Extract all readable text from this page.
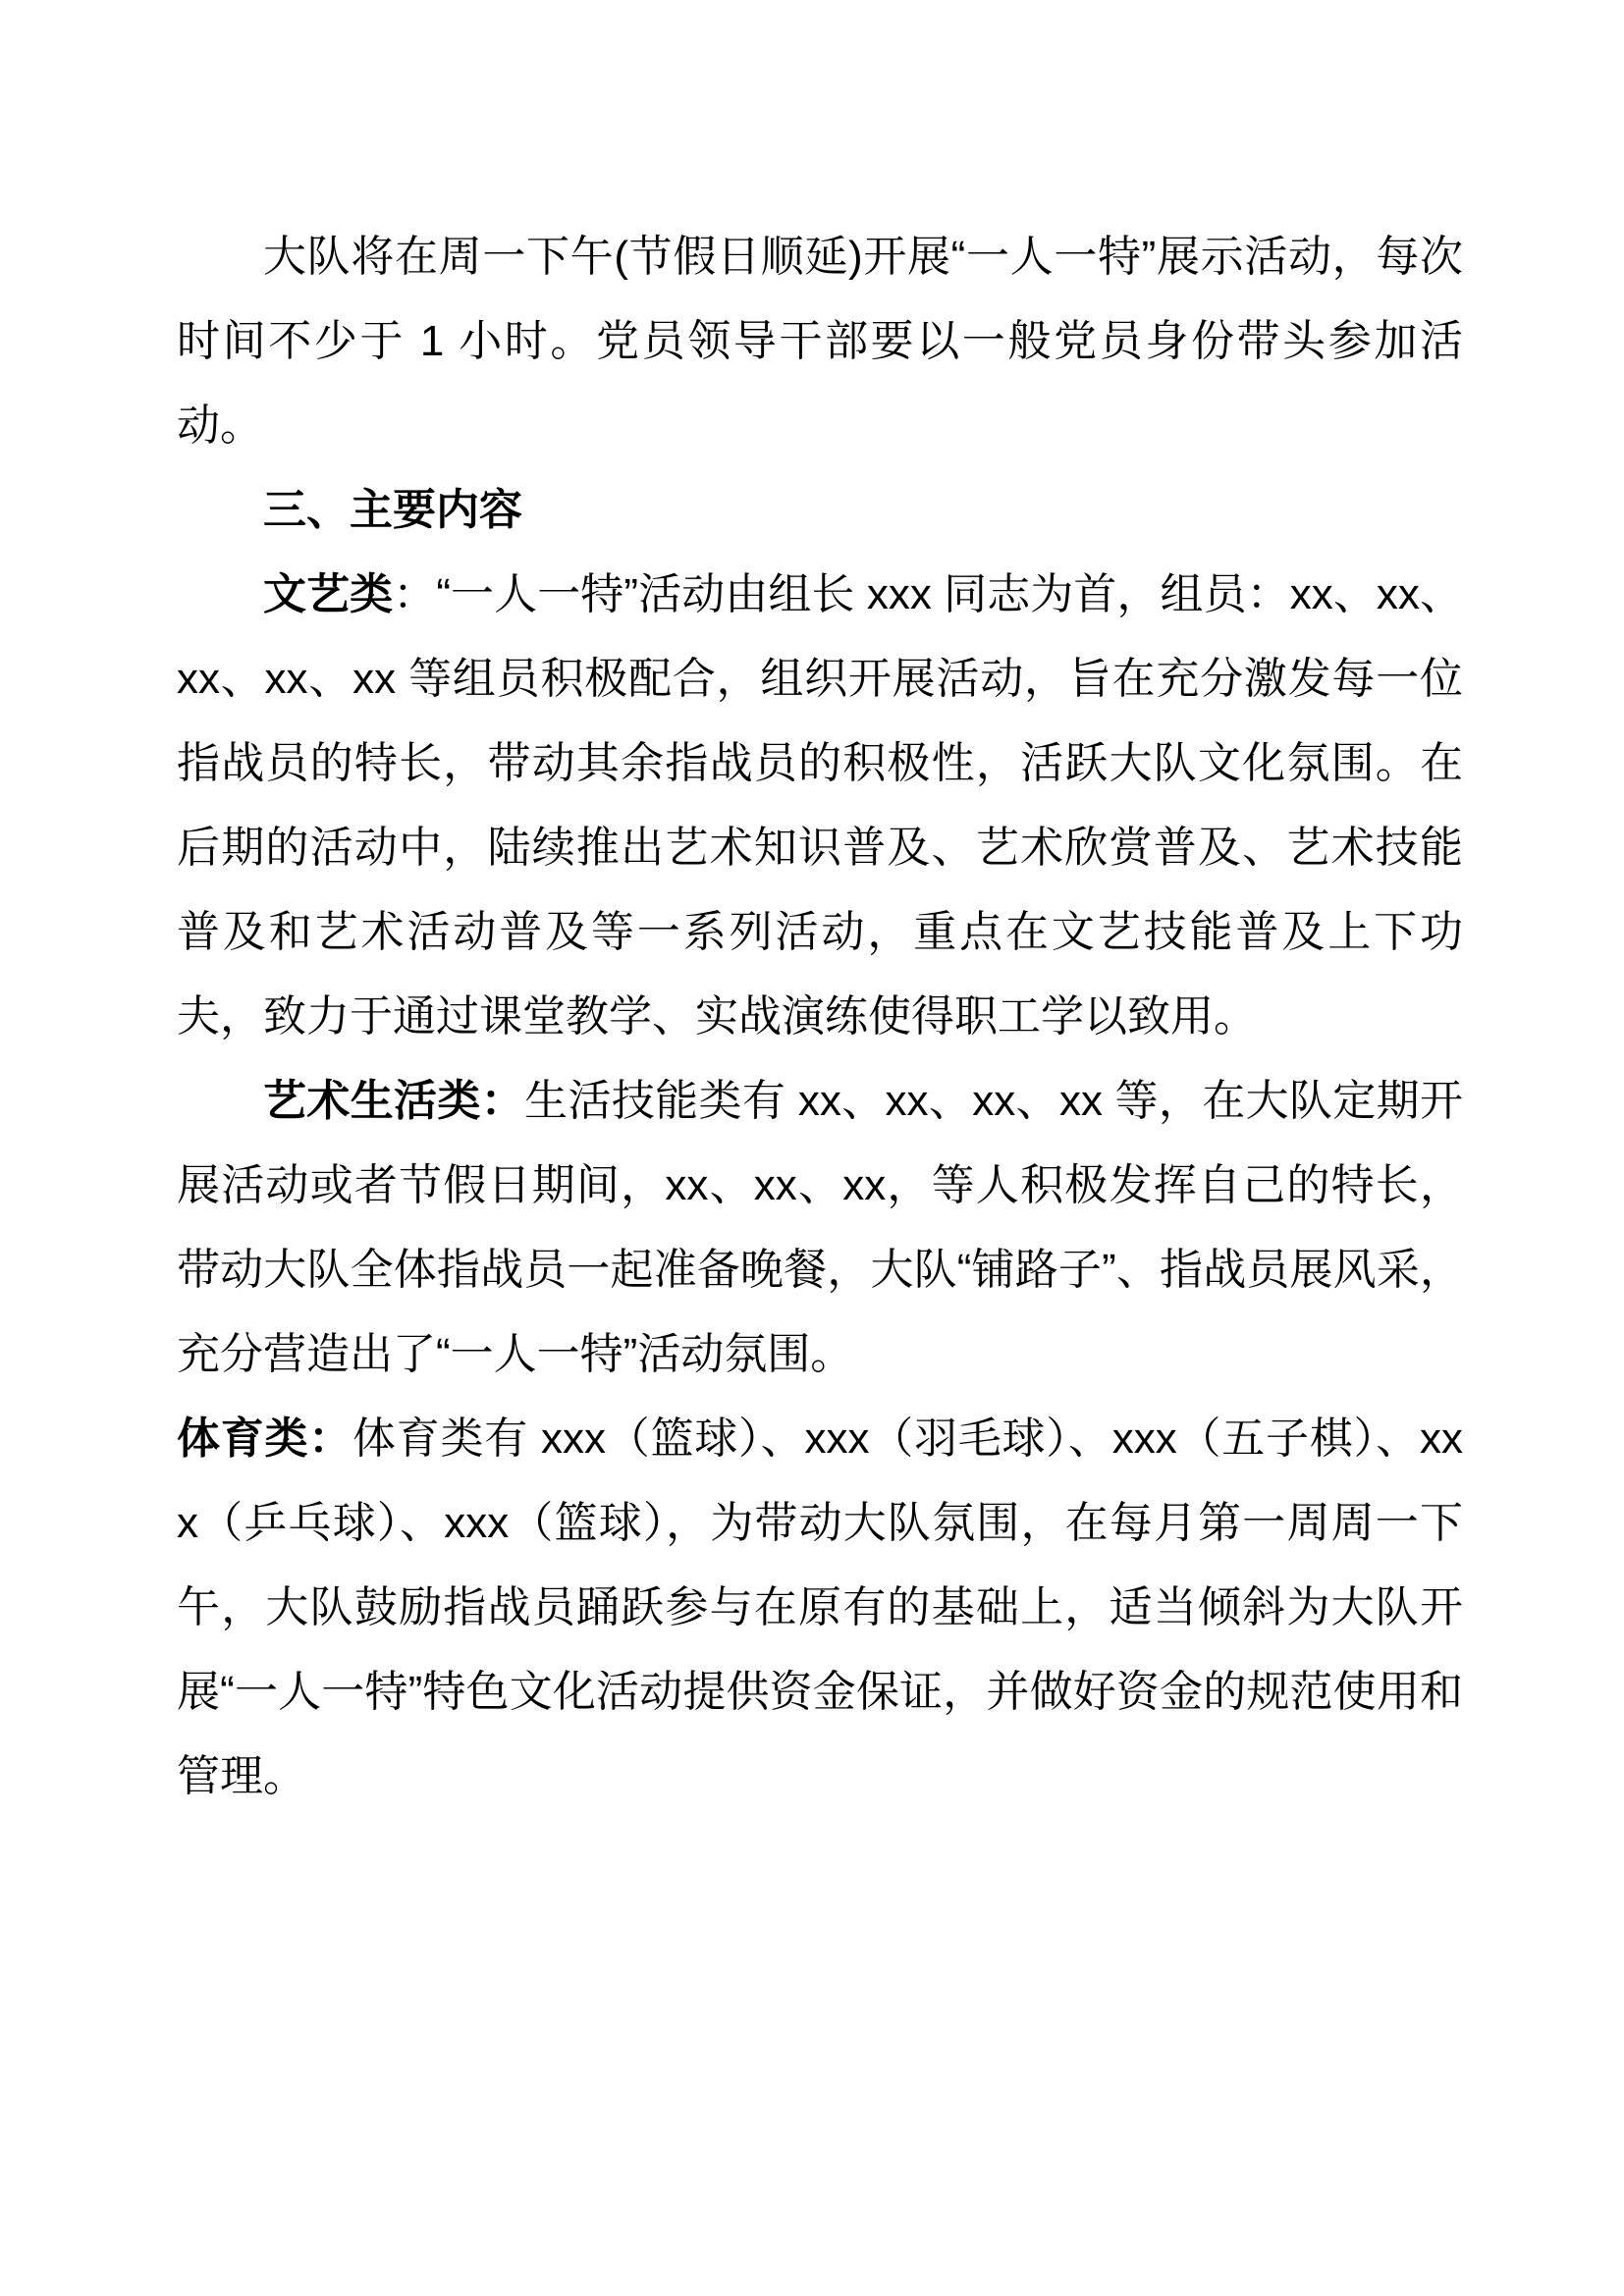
大队将在周一下午(节假日顺延)开展“一人一特”展示活动，每次时间不少于 1 小时。党员领导干部要以一般党员身份带头参加活动。

三、主要内容

文艺类：“一人一特”活动由组长 xxx 同志为首，组员：xx、xx、xx、xx、xx 等组员积极配合，组织开展活动，旨在充分激发每一位指战员的特长，带动其余指战员的积极性，活跃大队文化氛围。在后期的活动中，陆续推出艺术知识普及、艺术欣赏普及、艺术技能普及和艺术活动普及等一系列活动，重点在文艺技能普及上下功夫，致力于通过课堂教学、实战演练使得职工学以致用。

艺术生活类：生活技能类有 xx、xx、xx、xx 等，在大队定期开展活动或者节假日期间，xx、xx、xx，等人积极发挥自己的特长，带动大队全体指战员一起准备晚餐，大队“铺路子”、指战员展风采，充分营造出了“一人一特”活动氛围。

体育类：体育类有 xxx（篮球）、xxx（羽毛球）、xxx（五子棋）、xxx（乒乓球）、xxx（篮球），为带动大队氛围，在每月第一周周一下午，大队鼓励指战员踊跃参与在原有的基础上，适当倾斜为大队开展“一人一特”特色文化活动提供资金保证，并做好资金的规范使用和管理。
